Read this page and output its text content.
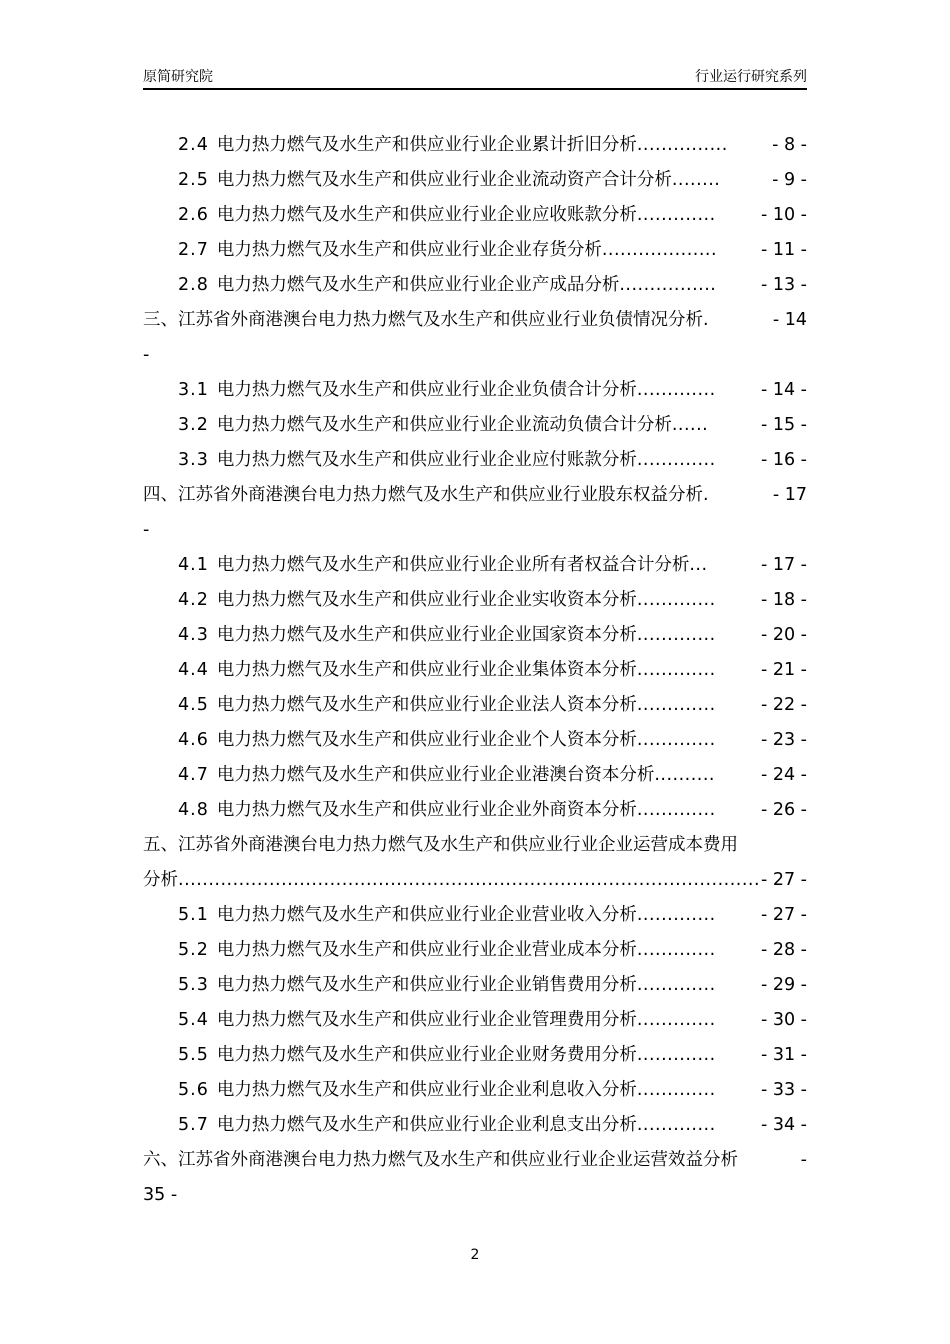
原简研究院	行业运行研究系列
2.4 电力热力燃气及水生产和供应业行业企业累计折旧分析 ...............	- 8 -
2.5 电力热力燃气及水生产和供应业行业企业流动资产合计分析 ........	- 9 -
2.6 电力热力燃气及水生产和供应业行业企业应收账款分析 .............	- 10 -
2.7 电力热力燃气及水生产和供应业行业企业存货分析 ...................	- 11 -
2.8 电力热力燃气及水生产和供应业行业企业产成品分析 ................	- 13 -
三、江苏省外商港澳台电力热力燃气及水生产和供应业行业负债情况分析 .	- 14
-
3.1 电力热力燃气及水生产和供应业行业企业负债合计分析 .............	- 14 -
3.2 电力热力燃气及水生产和供应业行业企业流动负债合计分析 ......	- 15 -
3.3 电力热力燃气及水生产和供应业行业企业应付账款分析 .............	- 16 -
四、江苏省外商港澳台电力热力燃气及水生产和供应业行业股东权益分析 .	- 17
-
4.1 电力热力燃气及水生产和供应业行业企业所有者权益合计分析 ...	- 17 -
4.2 电力热力燃气及水生产和供应业行业企业实收资本分析 .............	- 18 -
4.3 电力热力燃气及水生产和供应业行业企业国家资本分析 .............	- 20 -
4.4 电力热力燃气及水生产和供应业行业企业集体资本分析 .............	- 21 -
4.5 电力热力燃气及水生产和供应业行业企业法人资本分析 .............	- 22 -
4.6 电力热力燃气及水生产和供应业行业企业个人资本分析 .............	- 23 -
4.7 电力热力燃气及水生产和供应业行业企业港澳台资本分析 ..........	- 24 -
4.8 电力热力燃气及水生产和供应业行业企业外商资本分析 .............	- 26 -
五、江苏省外商港澳台电力热力燃气及水生产和供应业行业企业运营成本费用
分析 ................................................................................................ - 27 -
5.1 电力热力燃气及水生产和供应业行业企业营业收入分析 .............	- 27 -
5.2 电力热力燃气及水生产和供应业行业企业营业成本分析 .............	- 28 -
5.3 电力热力燃气及水生产和供应业行业企业销售费用分析 .............	- 29 -
5.4 电力热力燃气及水生产和供应业行业企业管理费用分析 .............	- 30 -
5.5 电力热力燃气及水生产和供应业行业企业财务费用分析 .............	- 31 -
5.6 电力热力燃气及水生产和供应业行业企业利息收入分析 .............	- 33 -
5.7 电力热力燃气及水生产和供应业行业企业利息支出分析 .............	- 34 -
六、江苏省外商港澳台电力热力燃气及水生产和供应业行业企业运营效益分析	-
35 -
2
